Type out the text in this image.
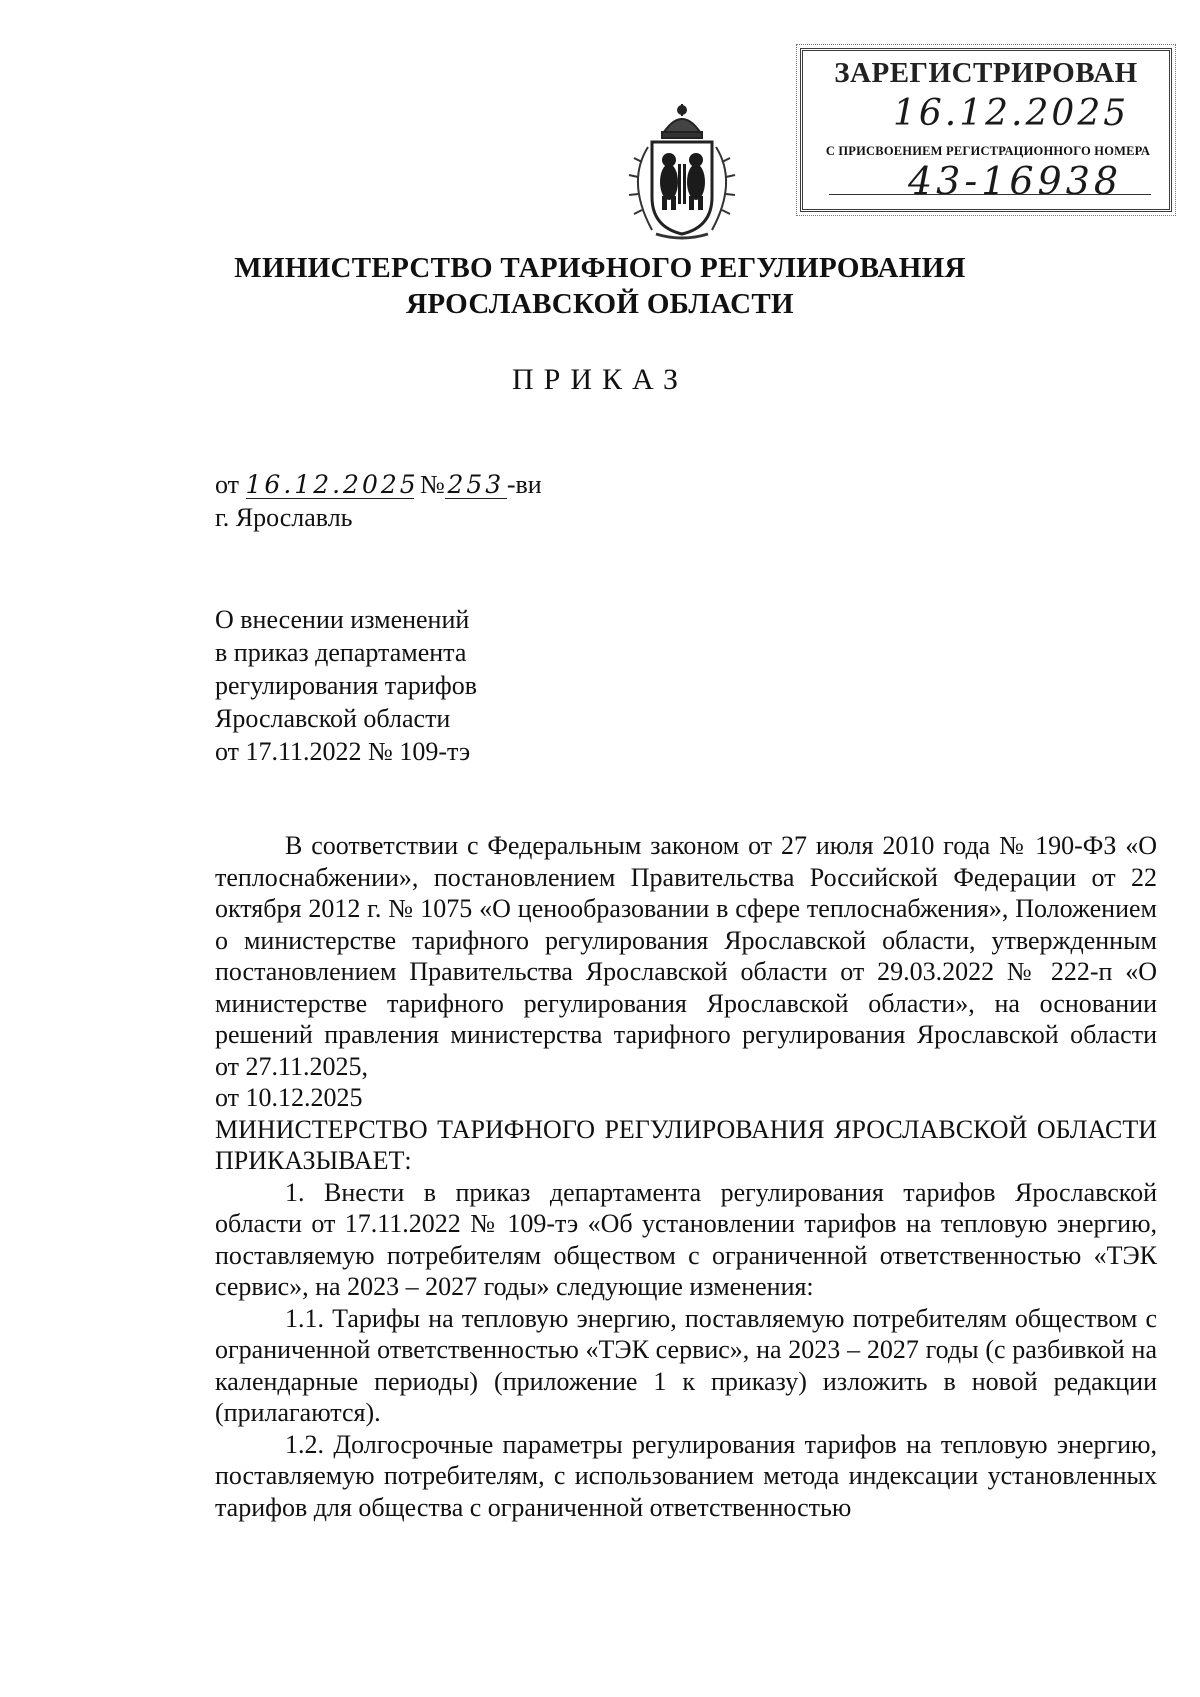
ЗАРЕГИСТРИРОВАН
16.12.2025
С ПРИСВОЕНИЕМ РЕГИСТРАЦИОННОГО НОМЕРА
43-16938
МИНИСТЕРСТВО ТАРИФНОГО РЕГУЛИРОВАНИЯ
ЯРОСЛАВСКОЙ ОБЛАСТИ
ПРИКАЗ
от 16.12.2025 № 253 -ви
г. Ярославль
О внесении изменений
в приказ департамента
регулирования тарифов
Ярославской области
от 17.11.2022 № 109-тэ

В соответствии с Федеральным законом от 27 июля 2010 года № 190-ФЗ «О теплоснабжении», постановлением Правительства Российской Федерации от 22 октября 2012 г. № 1075 «О ценообразовании в сфере теплоснабжения», Положением о министерстве тарифного регулирования Ярославской области, утвержденным постановлением Правительства Ярославской области от 29.03.2022 № 222-п «О министерстве тарифного регулирования Ярославской области», на основании решений правления министерства тарифного регулирования Ярославской области от 27.11.2025,

от 10.12.2025

МИНИСТЕРСТВО ТАРИФНОГО РЕГУЛИРОВАНИЯ ЯРОСЛАВСКОЙ ОБЛАСТИ ПРИКАЗЫВАЕТ:

1. Внести в приказ департамента регулирования тарифов Ярославской области от 17.11.2022 № 109-тэ «Об установлении тарифов на тепловую энергию, поставляемую потребителям обществом с ограниченной ответственностью «ТЭК сервис», на 2023 – 2027 годы» следующие изменения:

1.1. Тарифы на тепловую энергию, поставляемую потребителям обществом с ограниченной ответственностью «ТЭК сервис», на 2023 – 2027 годы (с разбивкой на календарные периоды) (приложение 1 к приказу) изложить в новой редакции (прилагаются).

1.2. Долгосрочные параметры регулирования тарифов на тепловую энергию, поставляемую потребителям, с использованием метода индексации установленных тарифов для общества с ограниченной ответственностью
